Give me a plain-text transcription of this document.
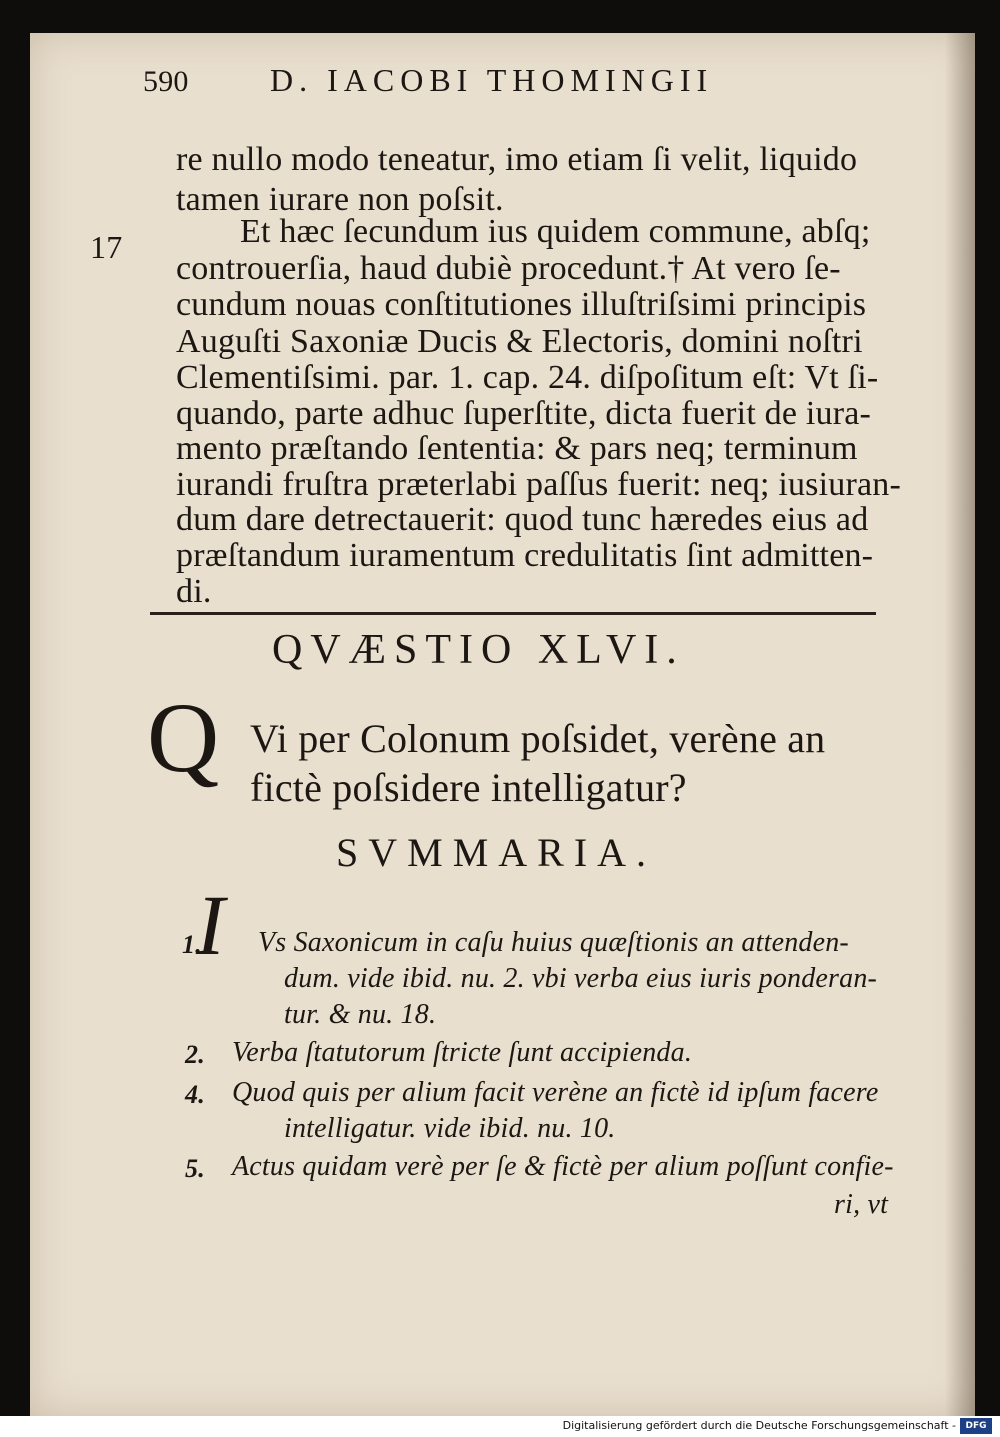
590	D. IACOBI THOMINGII

re nullo modo teneatur, imo etiam ſi velit, liquido

tamen iurare non poſsit.

Et hæc ſecundum ius quidem commune, abſq;

17

controuerſia, haud dubiè procedunt.† At vero ſe-

cundum nouas conſtitutiones illuſtriſsimi principis

Auguſti Saxoniæ Ducis & Electoris, domini noſtri

Clementiſsimi. par. 1. cap. 24. diſpoſitum eſt: Vt ſi-

quando, parte adhuc ſuperſtite, dicta fuerit de iura-

mento præſtando ſententia: & pars neq; terminum

iurandi fruſtra præterlabi paſſus fuerit: neq; iusiuran-

dum dare detrectauerit: quod tunc hæredes eius ad

præſtandum iuramentum credulitatis ſint admitten-

di.

QVÆSTIO XLVI.

Q Vi per Colonum poſsidet, verène an

fictè poſsidere intelligatur?

SVMMARIA.

1.

I Vs Saxonicum in caſu huius quæſtionis an attenden-

dum. vide ibid. nu. 2. vbi verba eius iuris ponderan-

tur. & nu. 18.

2. Verba ſtatutorum ſtricte ſunt accipienda.

4. Quod quis per alium facit verène an fictè id ipſum facere

intelligatur. vide ibid. nu. 10.

5. Actus quidam verè per ſe & fictè per alium poſſunt confie-

ri, vt

Digitalisierung gefördert durch die Deutsche Forschungsgemeinschaft -	DFG
